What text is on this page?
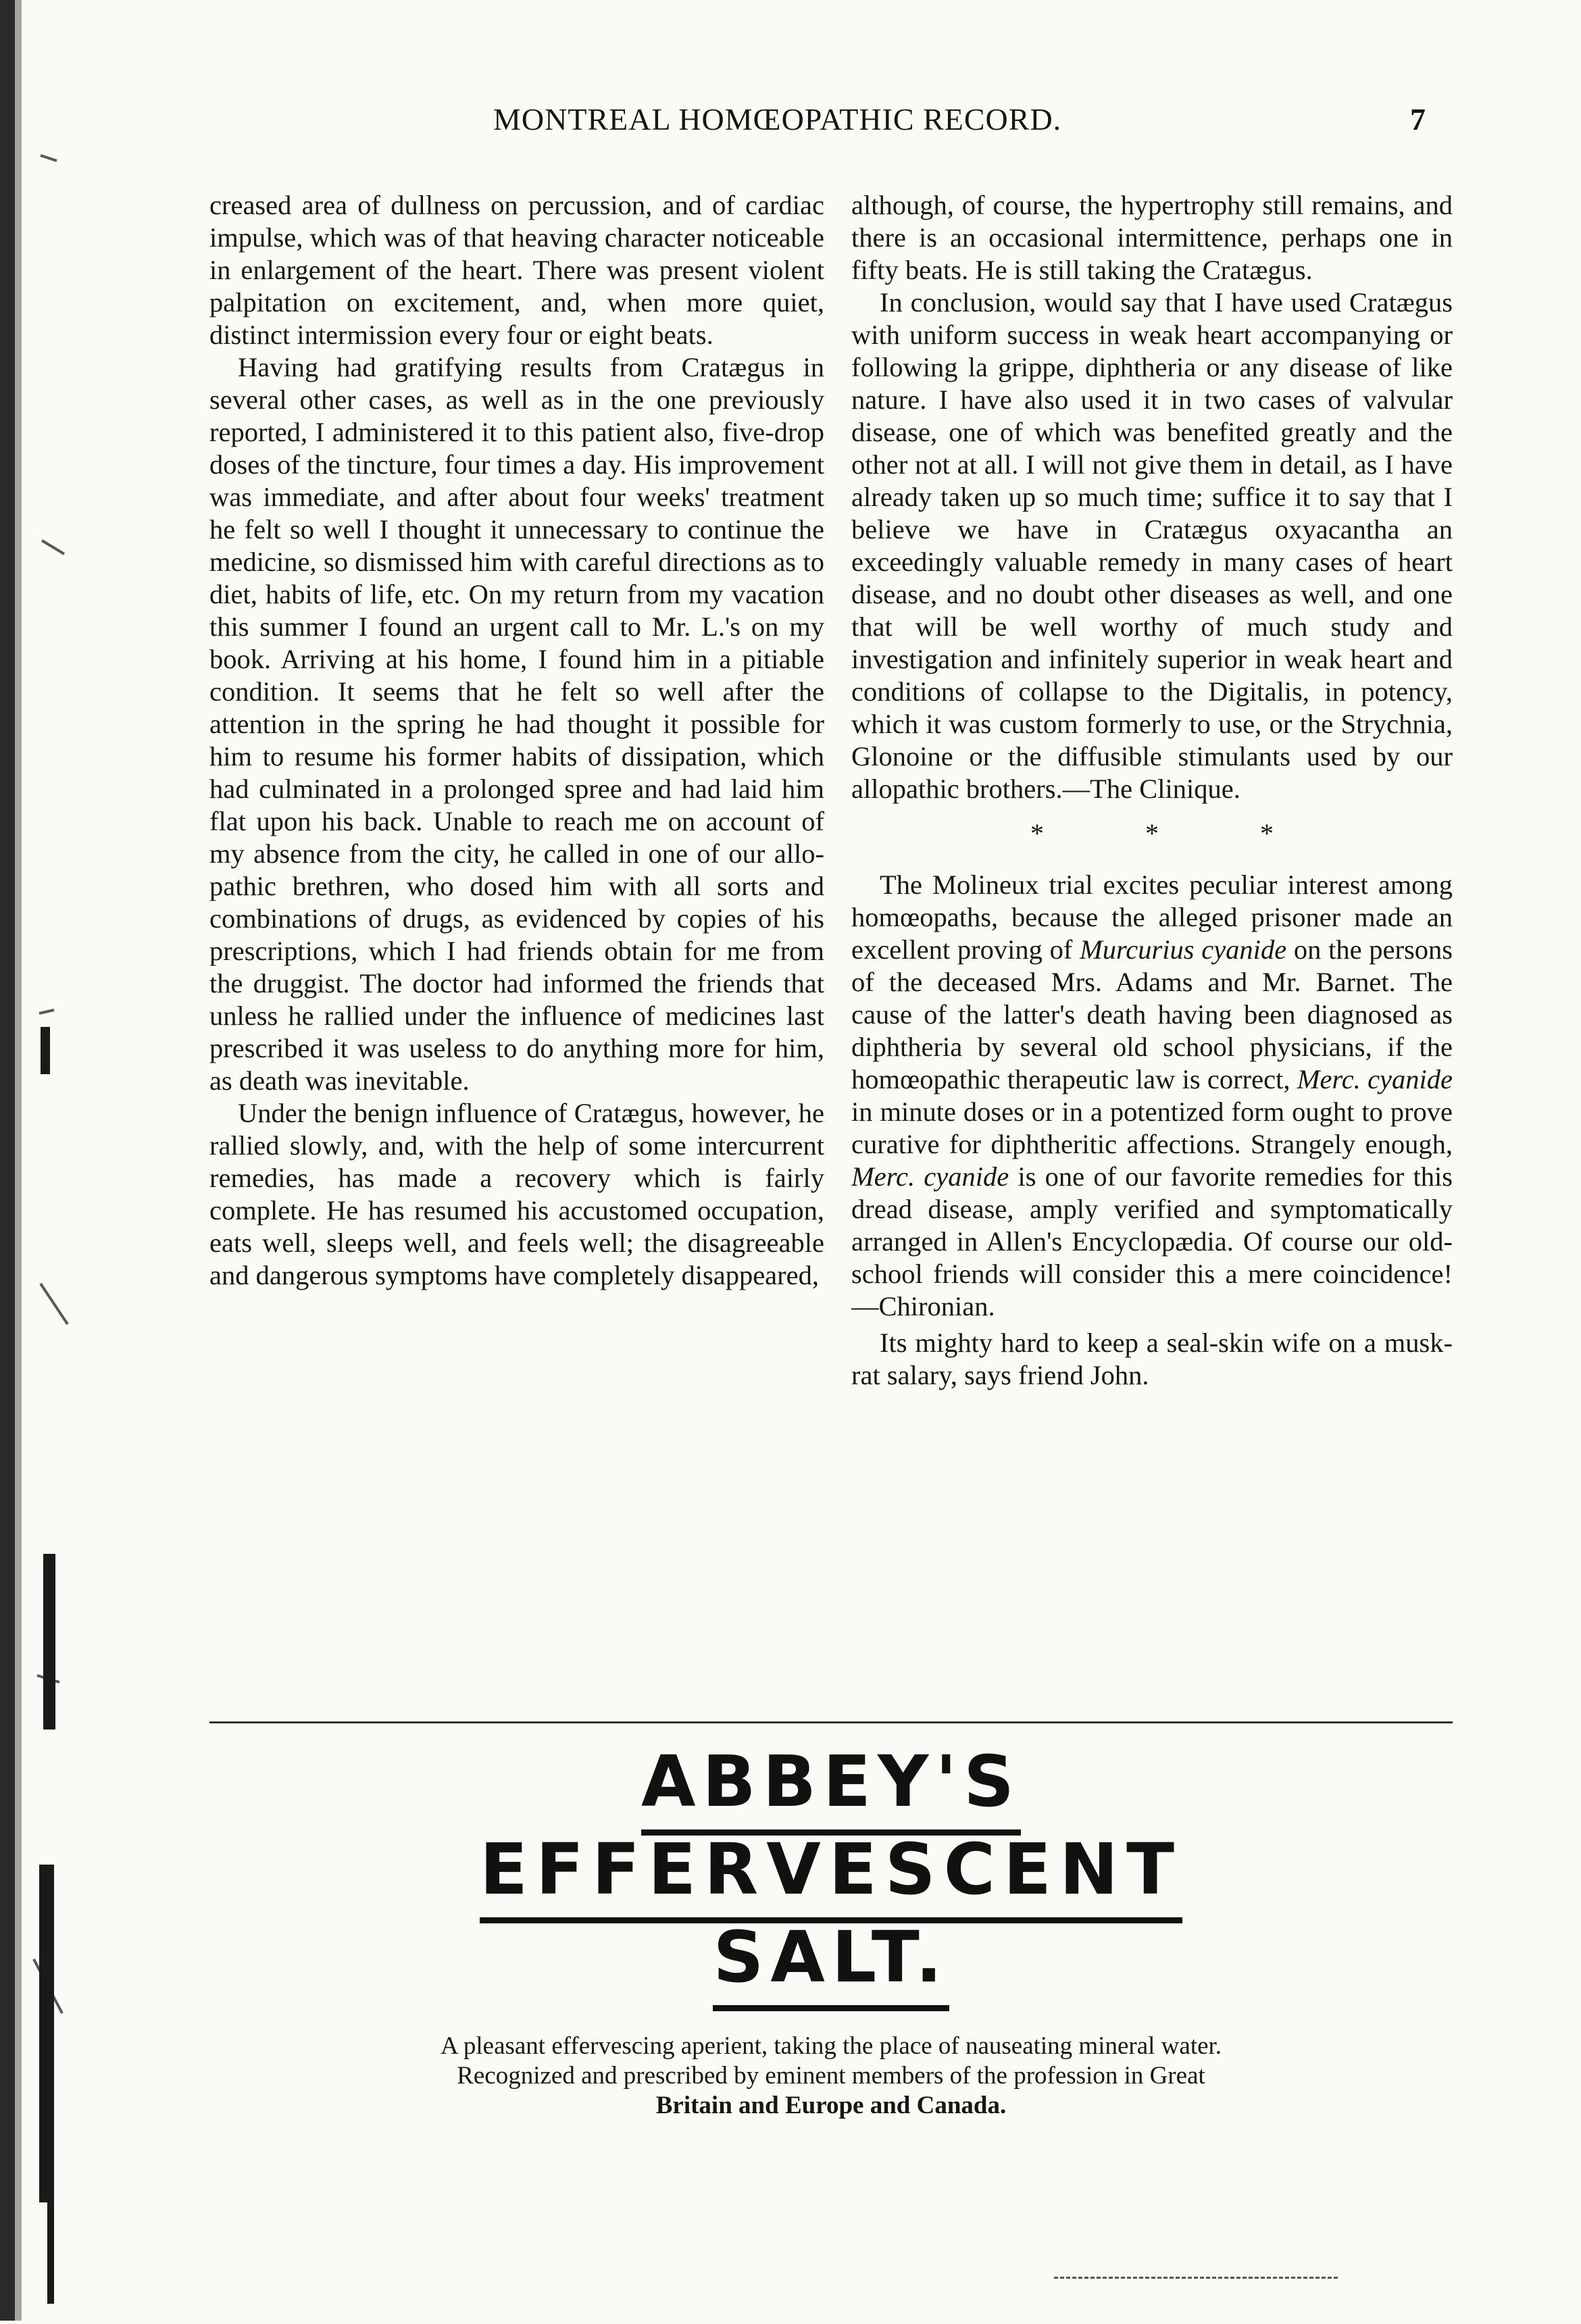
MONTREAL HOMŒOPATHIC RECORD.	7

creased area of dullness on percussion, and of cardiac impulse, which was of that heaving character noticeable in enlargement of the heart. There was present violent palpitation on excitement, and, when more quiet, distinct intermission every four or eight beats.

Having had gratifying results from Cratægus in several other cases, as well as in the one previously reported, I administered it to this patient also, five-drop doses of the tincture, four times a day. His improvement was immediate, and after about four weeks' treatment he felt so well I thought it unnecessary to continue the medicine, so dismissed him with careful directions as to diet, habits of life, etc. On my return from my vacation this summer I found an urgent call to Mr. L.'s on my book. Arriving at his home, I found him in a pitiable condition. It seems that he felt so well after the attention in the spring he had thought it possible for him to resume his former habits of dissipation, which had culminated in a prolonged spree and had laid him flat upon his back. Unable to reach me on account of my absence from the city, he called in one of our allopathic brethren, who dosed him with all sorts and combinations of drugs, as evidenced by copies of his prescriptions, which I had friends obtain for me from the druggist. The doctor had informed the friends that unless he rallied under the influence of medicines last prescribed it was useless to do anything more for him, as death was inevitable.

Under the benign influence of Cratægus, however, he rallied slowly, and, with the help of some intercurrent remedies, has made a recovery which is fairly complete. He has resumed his accustomed occupation, eats well, sleeps well, and feels well; the disagreeable and dangerous symptoms have completely disappeared,

although, of course, the hypertrophy still remains, and there is an occasional intermittence, perhaps one in fifty beats. He is still taking the Cratægus.

In conclusion, would say that I have used Cratægus with uniform success in weak heart accompanying or following la grippe, diphtheria or any disease of like nature. I have also used it in two cases of valvular disease, one of which was benefited greatly and the other not at all. I will not give them in detail, as I have already taken up so much time; suffice it to say that I believe we have in Cratægus oxyacantha an exceedingly valuable remedy in many cases of heart disease, and no doubt other diseases as well, and one that will be well worthy of much study and investigation and infinitely superior in weak heart and conditions of collapse to the Digitalis, in potency, which it was custom formerly to use, or the Strychnia, Glonoine or the diffusible stimulants used by our allopathic brothers.—The Clinique.

* * *

The Molineux trial excites peculiar interest among homœopaths, because the alleged prisoner made an excellent proving of Murcurius cyanide on the persons of the deceased Mrs. Adams and Mr. Barnet. The cause of the latter's death having been diagnosed as diphtheria by several old school physicians, if the homœopathic therapeutic law is correct, Merc. cyanide in minute doses or in a potentized form ought to prove curative for diphtheritic affections. Strangely enough, Merc. cyanide is one of our favorite remedies for this dread disease, amply verified and symptomatically arranged in Allen's Encyclopædia. Of course our old-school friends will consider this a mere coincidence!—Chironian.

Its mighty hard to keep a seal-skin wife on a musk-rat salary, says friend John.

ABBEY'S
EFFERVESCENT
SALT.
A pleasant effervescing aperient, taking the place of nauseating mineral water.
Recognized and prescribed by eminent members of the profession in Great
Britain and Europe and Canada.
